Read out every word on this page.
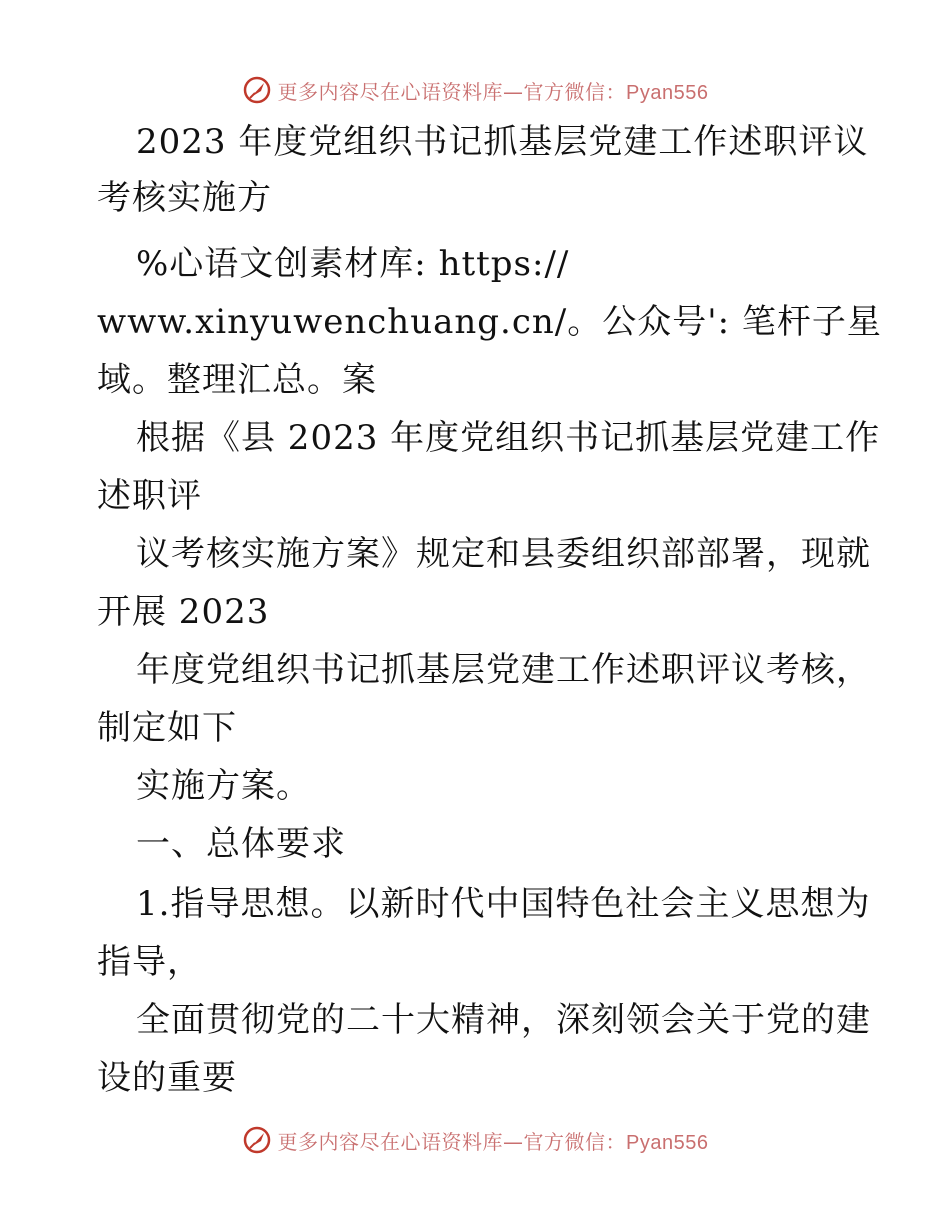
更多内容尽在心语资料库—官方微信：Pyan556
2023 年度党组织书记抓基层党建工作述职评议
考核实施方
%心语文创素材库: https://
www.xinyuwenchuang.cn/。公众号': 笔杆子星
域。整理汇总。案
根据《县 2023 年度党组织书记抓基层党建工作
述职评
议考核实施方案》规定和县委组织部部署，现就
开展 2023
年度党组织书记抓基层党建工作述职评议考核，
制定如下
实施方案。
一、总体要求
1.指导思想。以新时代中国特色社会主义思想为
指导，
全面贯彻党的二十大精神，深刻领会关于党的建
设的重要
更多内容尽在心语资料库—官方微信：Pyan556
